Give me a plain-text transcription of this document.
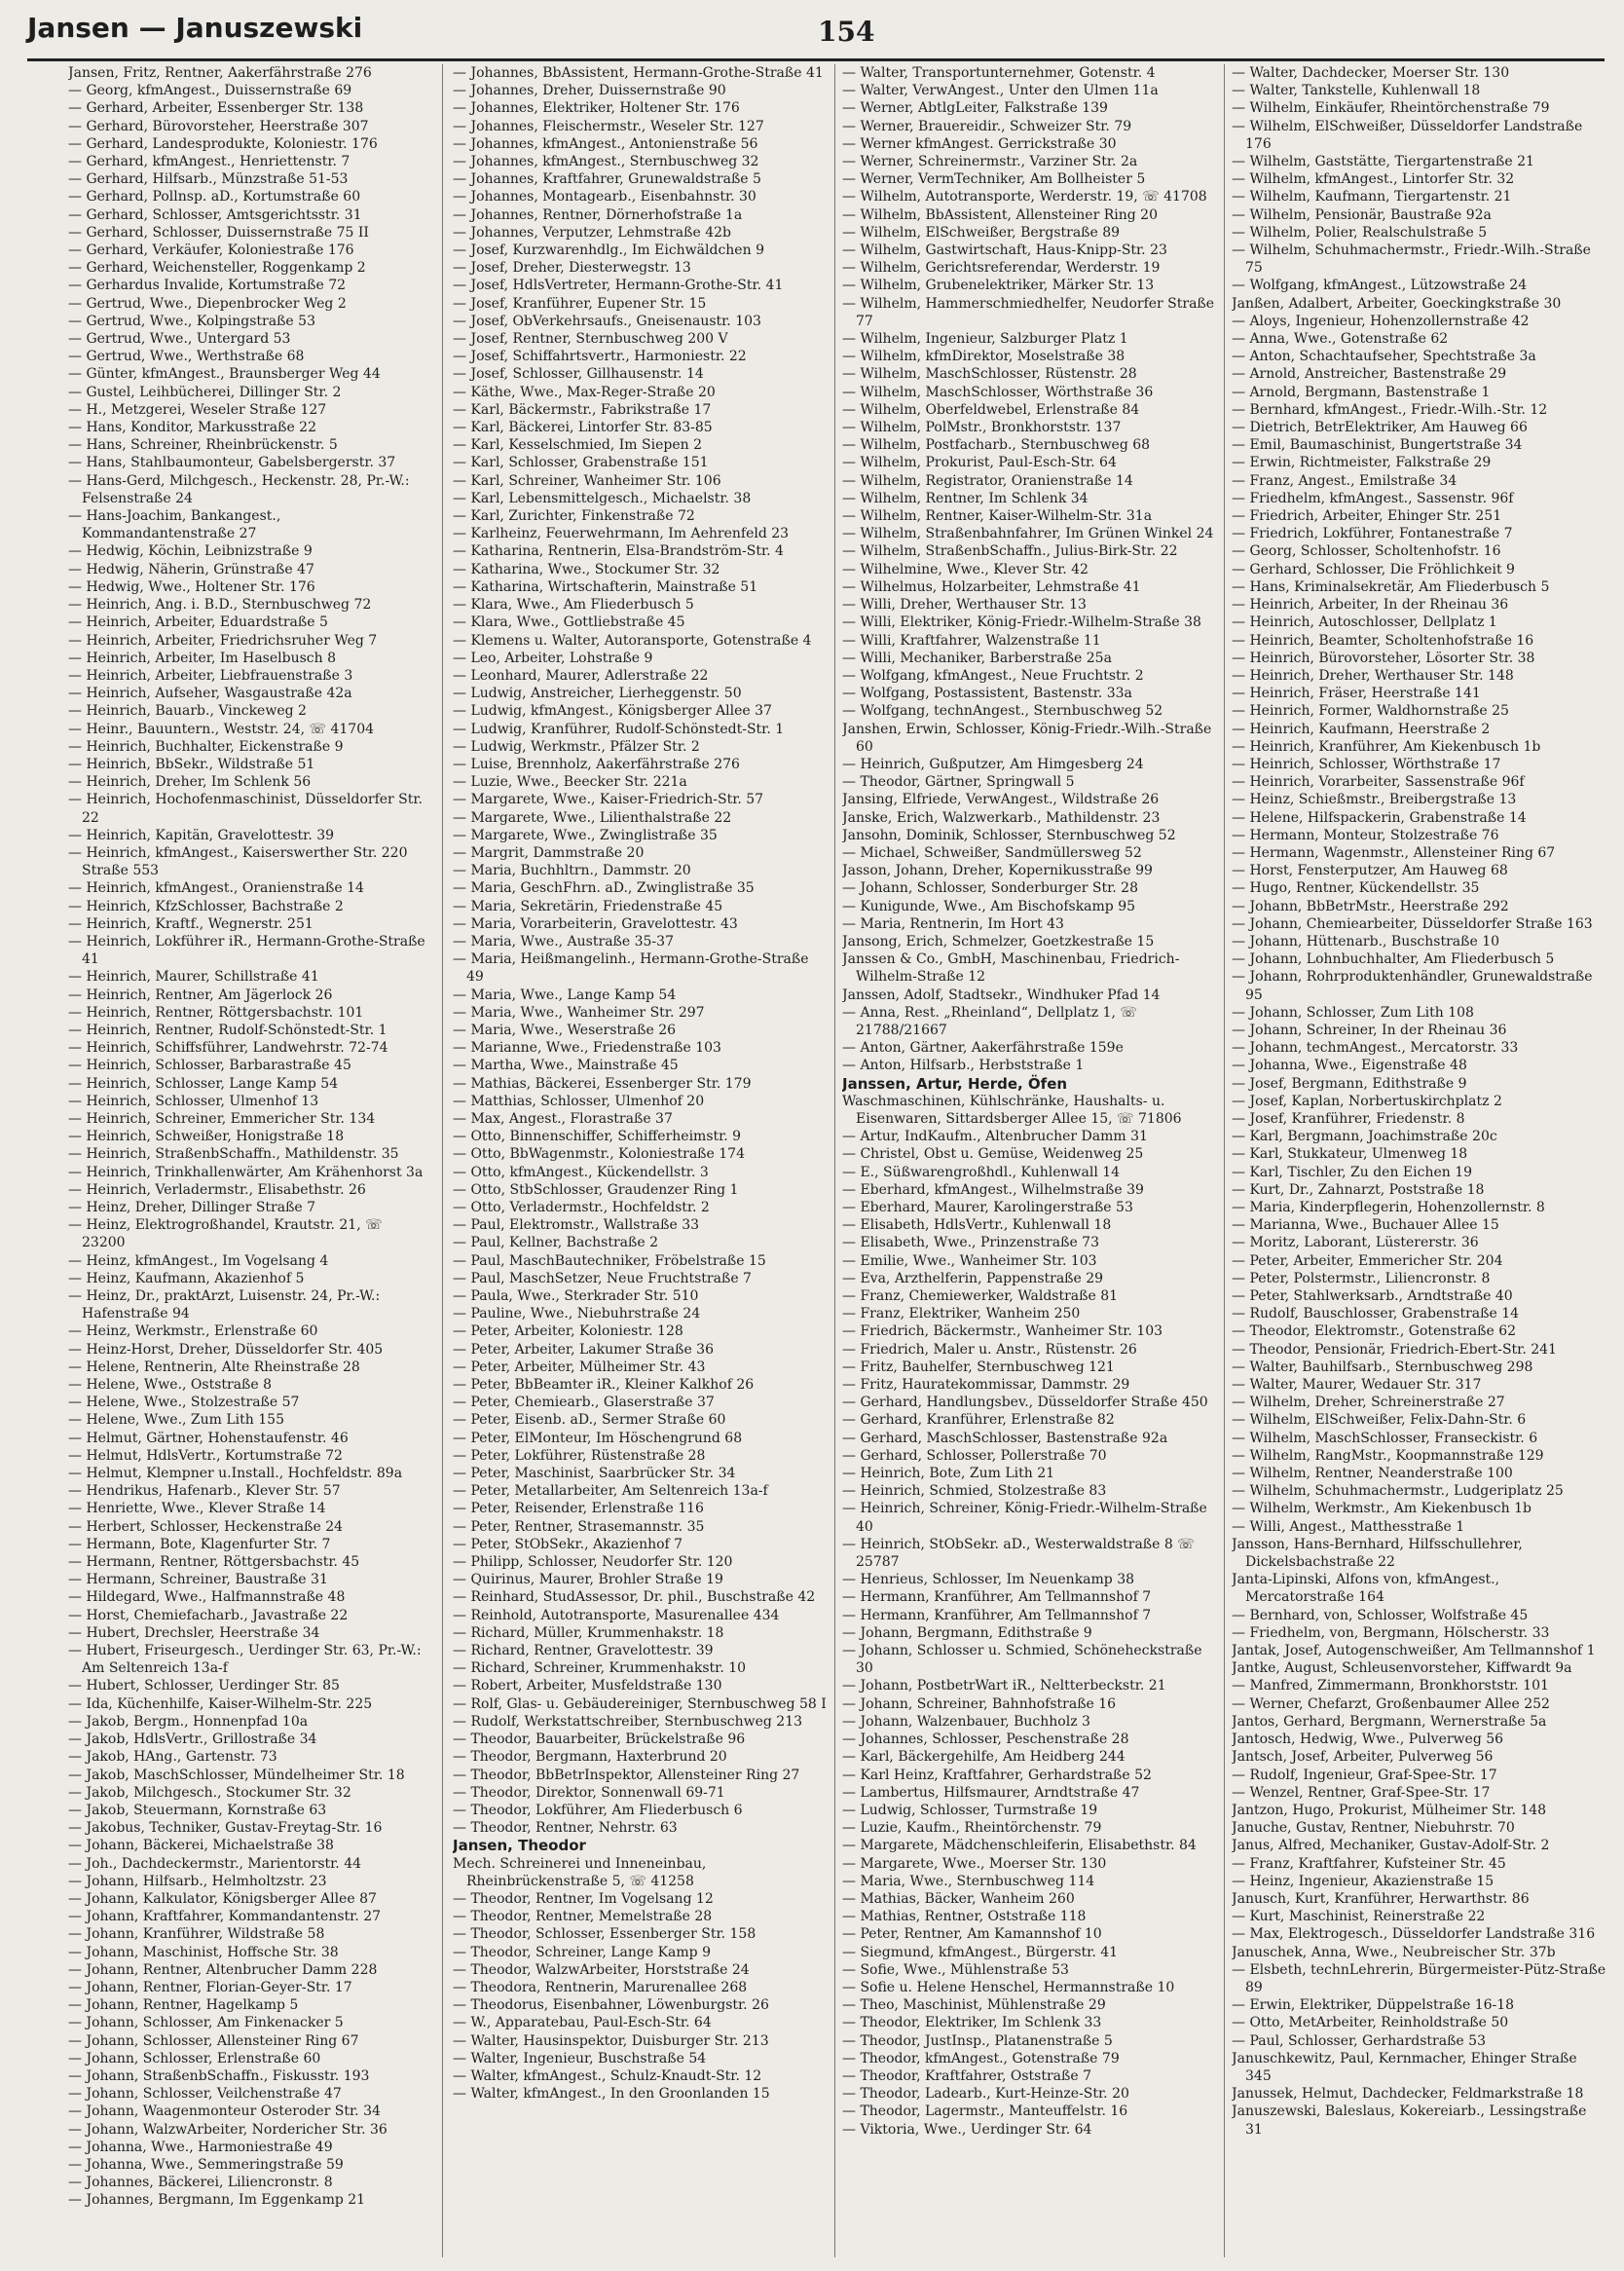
Jansen — Januszewski	154
Jansen, Fritz, Rentner, Aakerfährstraße 276
— Georg, kfmAngest., Duissernstraße 69
— Gerhard, Arbeiter, Essenberger Str. 138
— Gerhard, Bürovorsteher, Heerstraße 307
— Gerhard, Landesprodukte, Koloniestr. 176
— Gerhard, kfmAngest., Henriettenstr. 7
— Gerhard, Hilfsarb., Münzstraße 51-53
— Gerhard, Pollnsp. aD., Kortumstraße 60
— Gerhard, Schlosser, Amtsgerichtsstr. 31
— Gerhard, Schlosser, Duissernstraße 75 II
— Gerhard, Verkäufer, Koloniestraße 176
— Gerhard, Weichensteller, Roggenkamp 2
— Gerhardus Invalide, Kortumstraße 72
— Gertrud, Wwe., Diepenbrocker Weg 2
— Gertrud, Wwe., Kolpingstraße 53
— Gertrud, Wwe., Untergard 53
— Gertrud, Wwe., Werthstraße 68
— Günter, kfmAngest., Braunsberger Weg 44
— Gustel, Leihbücherei, Dillinger Str. 2
— H., Metzgerei, Weseler Straße 127
— Hans, Konditor, Markusstraße 22
— Hans, Schreiner, Rheinbrückenstr. 5
— Hans, Stahlbaumonteur, Gabelsbergerstr. 37
— Hans-Gerd, Milchgesch., Heckenstr. 28, Pr.-W.: Felsenstraße 24
— Hans-Joachim, Bankangest., Kommandantenstraße 27
— Hedwig, Köchin, Leibnizstraße 9
— Hedwig, Näherin, Grünstraße 47
— Hedwig, Wwe., Holtener Str. 176
— Heinrich, Ang. i. B.D., Sternbuschweg 72
— Heinrich, Arbeiter, Eduardstraße 5
— Heinrich, Arbeiter, Friedrichsruher Weg 7
— Heinrich, Arbeiter, Im Haselbusch 8
— Heinrich, Arbeiter, Liebfrauenstraße 3
— Heinrich, Aufseher, Wasgaustraße 42a
— Heinrich, Bauarb., Vinckeweg 2
— Heinr., Bauuntern., Weststr. 24, ☏ 41704
— Heinrich, Buchhalter, Eickenstraße 9
— Heinrich, BbSekr., Wildstraße 51
— Heinrich, Dreher, Im Schlenk 56
— Heinrich, Hochofenmaschinist, Düsseldorfer Str. 22
— Heinrich, Kapitän, Gravelottestr. 39
— Heinrich, kfmAngest., Kaiserswerther Str. 220 Straße 553
— Heinrich, kfmAngest., Oranienstraße 14
— Heinrich, KfzSchlosser, Bachstraße 2
— Heinrich, Kraftf., Wegnerstr. 251
— Heinrich, Lokführer iR., Hermann-Grothe-Straße 41
— Heinrich, Maurer, Schillstraße 41
— Heinrich, Rentner, Am Jägerlock 26
— Heinrich, Rentner, Röttgersbachstr. 101
— Heinrich, Rentner, Rudolf-Schönstedt-Str. 1
— Heinrich, Schiffsführer, Landwehrstr. 72-74
— Heinrich, Schlosser, Barbarastraße 45
— Heinrich, Schlosser, Lange Kamp 54
— Heinrich, Schlosser, Ulmenhof 13
— Heinrich, Schreiner, Emmericher Str. 134
— Heinrich, Schweißer, Honigstraße 18
— Heinrich, StraßenbSchaffn., Mathildenstr. 35
— Heinrich, Trinkhallenwärter, Am Krähenhorst 3a
— Heinrich, Verladermstr., Elisabethstr. 26
— Heinz, Dreher, Dillinger Straße 7
— Heinz, Elektrogroßhandel, Krautstr. 21, ☏ 23200
— Heinz, kfmAngest., Im Vogelsang 4
— Heinz, Kaufmann, Akazienhof 5
— Heinz, Dr., praktArzt, Luisenstr. 24, Pr.-W.: Hafenstraße 94
— Heinz, Werkmstr., Erlenstraße 60
— Heinz-Horst, Dreher, Düsseldorfer Str. 405
— Helene, Rentnerin, Alte Rheinstraße 28
— Helene, Wwe., Oststraße 8
— Helene, Wwe., Stolzestraße 57
— Helene, Wwe., Zum Lith 155
— Helmut, Gärtner, Hohenstaufenstr. 46
— Helmut, HdlsVertr., Kortumstraße 72
— Helmut, Klempner u.Install., Hochfeldstr. 89a
— Hendrikus, Hafenarb., Klever Str. 57
— Henriette, Wwe., Klever Straße 14
— Herbert, Schlosser, Heckenstraße 24
— Hermann, Bote, Klagenfurter Str. 7
— Hermann, Rentner, Röttgersbachstr. 45
— Hermann, Schreiner, Baustraße 31
— Hildegard, Wwe., Halfmannstraße 48
— Horst, Chemiefacharb., Javastraße 22
— Hubert, Drechsler, Heerstraße 34
— Hubert, Friseurgesch., Uerdinger Str. 63, Pr.-W.: Am Seltenreich 13a-f
— Hubert, Schlosser, Uerdinger Str. 85
— Ida, Küchenhilfe, Kaiser-Wilhelm-Str. 225
— Jakob, Bergm., Honnenpfad 10a
— Jakob, HdlsVertr., Grillostraße 34
— Jakob, HAng., Gartenstr. 73
— Jakob, MaschSchlosser, Mündelheimer Str. 18
— Jakob, Milchgesch., Stockumer Str. 32
— Jakob, Steuermann, Kornstraße 63
— Jakobus, Techniker, Gustav-Freytag-Str. 16
— Johann, Bäckerei, Michaelstraße 38
— Joh., Dachdeckermstr., Marientorstr. 44
— Johann, Hilfsarb., Helmholtzstr. 23
— Johann, Kalkulator, Königsberger Allee 87
— Johann, Kraftfahrer, Kommandantenstr. 27
— Johann, Kranführer, Wildstraße 58
— Johann, Maschinist, Hoffsche Str. 38
— Johann, Rentner, Altenbrucher Damm 228
— Johann, Rentner, Florian-Geyer-Str. 17
— Johann, Rentner, Hagelkamp 5
— Johann, Schlosser, Am Finkenacker 5
— Johann, Schlosser, Allensteiner Ring 67
— Johann, Schlosser, Erlenstraße 60
— Johann, StraßenbSchaffn., Fiskusstr. 193
— Johann, Schlosser, Veilchenstraße 47
— Johann, Waagenmonteur Osteroder Str. 34
— Johann, WalzwArbeiter, Nordericher Str. 36
— Johanna, Wwe., Harmoniestraße 49
— Johanna, Wwe., Semmeringstraße 59
— Johannes, Bäckerei, Liliencronstr. 8
— Johannes, Bergmann, Im Eggenkamp 21
— Johannes, BbAssistent, Hermann-Grothe-Straße 41
— Johannes, Dreher, Duissernstraße 90
— Johannes, Elektriker, Holtener Str. 176
— Johannes, Fleischermstr., Weseler Str. 127
— Johannes, kfmAngest., Antonienstraße 56
— Johannes, kfmAngest., Sternbuschweg 32
— Johannes, Kraftfahrer, Grunewaldstraße 5
— Johannes, Montagearb., Eisenbahnstr. 30
— Johannes, Rentner, Dörnerhofstraße 1a
— Johannes, Verputzer, Lehmstraße 42b
— Josef, Kurzwarenhdlg., Im Eichwäldchen 9
— Josef, Dreher, Diesterwegstr. 13
— Josef, HdlsVertreter, Hermann-Grothe-Str. 41
— Josef, Kranführer, Eupener Str. 15
— Josef, ObVerkehrsaufs., Gneisenaustr. 103
— Josef, Rentner, Sternbuschweg 200 V
— Josef, Schiffahrtsvertr., Harmoniestr. 22
— Josef, Schlosser, Gillhausenstr. 14
— Käthe, Wwe., Max-Reger-Straße 20
— Karl, Bäckermstr., Fabrikstraße 17
— Karl, Bäckerei, Lintorfer Str. 83-85
— Karl, Kesselschmied, Im Siepen 2
— Karl, Schlosser, Grabenstraße 151
— Karl, Schreiner, Wanheimer Str. 106
— Karl, Lebensmittelgesch., Michaelstr. 38
— Karl, Zurichter, Finkenstraße 72
— Karlheinz, Feuerwehrmann, Im Aehrenfeld 23
— Katharina, Rentnerin, Elsa-Brandström-Str. 4
— Katharina, Wwe., Stockumer Str. 32
— Katharina, Wirtschafterin, Mainstraße 51
— Klara, Wwe., Am Fliederbusch 5
— Klara, Wwe., Gottliebstraße 45
— Klemens u. Walter, Autoransporte, Gotenstraße 4
— Leo, Arbeiter, Lohstraße 9
— Leonhard, Maurer, Adlerstraße 22
— Ludwig, Anstreicher, Lierheggenstr. 50
— Ludwig, kfmAngest., Königsberger Allee 37
— Ludwig, Kranführer, Rudolf-Schönstedt-Str. 1
— Ludwig, Werkmstr., Pfälzer Str. 2
— Luise, Brennholz, Aakerfährstraße 276
— Luzie, Wwe., Beecker Str. 221a
— Margarete, Wwe., Kaiser-Friedrich-Str. 57
— Margarete, Wwe., Lilienthalstraße 22
— Margarete, Wwe., Zwinglistraße 35
— Margrit, Dammstraße 20
— Maria, Buchhltrn., Dammstr. 20
— Maria, GeschFhrn. aD., Zwinglistraße 35
— Maria, Sekretärin, Friedenstraße 45
— Maria, Vorarbeiterin, Gravelottestr. 43
— Maria, Wwe., Austraße 35-37
— Maria, Heißmangelinh., Hermann-Grothe-Straße 49
— Maria, Wwe., Lange Kamp 54
— Maria, Wwe., Wanheimer Str. 297
— Maria, Wwe., Weserstraße 26
— Marianne, Wwe., Friedenstraße 103
— Martha, Wwe., Mainstraße 45
— Mathias, Bäckerei, Essenberger Str. 179
— Matthias, Schlosser, Ulmenhof 20
— Max, Angest., Florastraße 37
— Otto, Binnenschiffer, Schifferheimstr. 9
— Otto, BbWagenmstr., Koloniestraße 174
— Otto, kfmAngest., Kückendellstr. 3
— Otto, StbSchlosser, Graudenzer Ring 1
— Otto, Verladermstr., Hochfeldstr. 2
— Paul, Elektromstr., Wallstraße 33
— Paul, Kellner, Bachstraße 2
— Paul, MaschBautechniker, Fröbelstraße 15
— Paul, MaschSetzer, Neue Fruchtstraße 7
— Paula, Wwe., Sterkrader Str. 510
— Pauline, Wwe., Niebuhrstraße 24
— Peter, Arbeiter, Koloniestr. 128
— Peter, Arbeiter, Lakumer Straße 36
— Peter, Arbeiter, Mülheimer Str. 43
— Peter, BbBeamter iR., Kleiner Kalkhof 26
— Peter, Chemiearb., Glaserstraße 37
— Peter, Eisenb. aD., Sermer Straße 60
— Peter, ElMonteur, Im Höschengrund 68
— Peter, Lokführer, Rüstenstraße 28
— Peter, Maschinist, Saarbrücker Str. 34
— Peter, Metallarbeiter, Am Seltenreich 13a-f
— Peter, Reisender, Erlenstraße 116
— Peter, Rentner, Strasemannstr. 35
— Peter, StObSekr., Akazienhof 7
— Philipp, Schlosser, Neudorfer Str. 120
— Quirinus, Maurer, Brohler Straße 19
— Reinhard, StudAssessor, Dr. phil., Buschstraße 42
— Reinhold, Autotransporte, Masurenallee 434
— Richard, Müller, Krummenhakstr. 18
— Richard, Rentner, Gravelottestr. 39
— Richard, Schreiner, Krummenhakstr. 10
— Robert, Arbeiter, Musfeldstraße 130
— Rolf, Glas- u. Gebäudereiniger, Sternbuschweg 58 I
— Rudolf, Werkstattschreiber, Sternbuschweg 213
— Theodor, Bauarbeiter, Brückelstraße 96
— Theodor, Bergmann, Haxterbrund 20
— Theodor, BbBetrInspektor, Allensteiner Ring 27
— Theodor, Direktor, Sonnenwall 69-71
— Theodor, Lokführer, Am Fliederbusch 6
— Theodor, Rentner, Nehrstr. 63
Jansen, Theodor
Mech. Schreinerei und Inneneinbau, Rheinbrückenstraße 5, ☏ 41258
— Theodor, Rentner, Im Vogelsang 12
— Theodor, Rentner, Memelstraße 28
— Theodor, Schlosser, Essenberger Str. 158
— Theodor, Schreiner, Lange Kamp 9
— Theodor, WalzwArbeiter, Horststraße 24
— Theodora, Rentnerin, Marurenallee 268
— Theodorus, Eisenbahner, Löwenburgstr. 26
— W., Apparatebau, Paul-Esch-Str. 64
— Walter, Hausinspektor, Duisburger Str. 213
— Walter, Ingenieur, Buschstraße 54
— Walter, kfmAngest., Schulz-Knaudt-Str. 12
— Walter, kfmAngest., In den Groonlanden 15
— Walter, Transportunternehmer, Gotenstr. 4
— Walter, VerwAngest., Unter den Ulmen 11a
— Werner, AbtlgLeiter, Falkstraße 139
— Werner, Brauereidir., Schweizer Str. 79
— Werner kfmAngest. Gerrickstraße 30
— Werner, Schreinermstr., Varziner Str. 2a
— Werner, VermTechniker, Am Bollheister 5
— Wilhelm, Autotransporte, Werderstr. 19, ☏ 41708
— Wilhelm, BbAssistent, Allensteiner Ring 20
— Wilhelm, ElSchweißer, Bergstraße 89
— Wilhelm, Gastwirtschaft, Haus-Knipp-Str. 23
— Wilhelm, Gerichtsreferendar, Werderstr. 19
— Wilhelm, Grubenelektriker, Märker Str. 13
— Wilhelm, Hammerschmiedhelfer, Neudorfer Straße 77
— Wilhelm, Ingenieur, Salzburger Platz 1
— Wilhelm, kfmDirektor, Moselstraße 38
— Wilhelm, MaschSchlosser, Rüstenstr. 28
— Wilhelm, MaschSchlosser, Wörthstraße 36
— Wilhelm, Oberfeldwebel, Erlenstraße 84
— Wilhelm, PolMstr., Bronkhorststr. 137
— Wilhelm, Postfacharb., Sternbuschweg 68
— Wilhelm, Prokurist, Paul-Esch-Str. 64
— Wilhelm, Registrator, Oranienstraße 14
— Wilhelm, Rentner, Im Schlenk 34
— Wilhelm, Rentner, Kaiser-Wilhelm-Str. 31a
— Wilhelm, Straßenbahnfahrer, Im Grünen Winkel 24
— Wilhelm, StraßenbSchaffn., Julius-Birk-Str. 22
— Wilhelmine, Wwe., Klever Str. 42
— Wilhelmus, Holzarbeiter, Lehmstraße 41
— Willi, Dreher, Werthauser Str. 13
— Willi, Elektriker, König-Friedr.-Wilhelm-Straße 38
— Willi, Kraftfahrer, Walzenstraße 11
— Willi, Mechaniker, Barberstraße 25a
— Wolfgang, kfmAngest., Neue Fruchtstr. 2
— Wolfgang, Postassistent, Bastenstr. 33a
— Wolfgang, technAngest., Sternbuschweg 52
Janshen, Erwin, Schlosser, König-Friedr.-Wilh.-Straße 60
— Heinrich, Gußputzer, Am Himgesberg 24
— Theodor, Gärtner, Springwall 5
Jansing, Elfriede, VerwAngest., Wildstraße 26
Janske, Erich, Walzwerkarb., Mathildenstr. 23
Jansohn, Dominik, Schlosser, Sternbuschweg 52
— Michael, Schweißer, Sandmüllersweg 52
Jasson, Johann, Dreher, Kopernikusstraße 99
— Johann, Schlosser, Sonderburger Str. 28
— Kunigunde, Wwe., Am Bischofskamp 95
— Maria, Rentnerin, Im Hort 43
Jansong, Erich, Schmelzer, Goetzkestraße 15
Janssen & Co., GmbH, Maschinenbau, Friedrich-Wilhelm-Straße 12
Janssen, Adolf, Stadtsekr., Windhuker Pfad 14
— Anna, Rest. „Rheinland“, Dellplatz 1, ☏ 21788/21667
— Anton, Gärtner, Aakerfährstraße 159e
— Anton, Hilfsarb., Herbststraße 1
Janssen, Artur, Herde, Öfen
Waschmaschinen, Kühlschränke, Haushalts- u. Eisenwaren, Sittardsberger Allee 15, ☏ 71806
— Artur, IndKaufm., Altenbrucher Damm 31
— Christel, Obst u. Gemüse, Weidenweg 25
— E., Süßwarengroßhdl., Kuhlenwall 14
— Eberhard, kfmAngest., Wilhelmstraße 39
— Eberhard, Maurer, Karolingerstraße 53
— Elisabeth, HdlsVertr., Kuhlenwall 18
— Elisabeth, Wwe., Prinzenstraße 73
— Emilie, Wwe., Wanheimer Str. 103
— Eva, Arzthelferin, Pappenstraße 29
— Franz, Chemiewerker, Waldstraße 81
— Franz, Elektriker, Wanheim 250
— Friedrich, Bäckermstr., Wanheimer Str. 103
— Friedrich, Maler u. Anstr., Rüstenstr. 26
— Fritz, Bauhelfer, Sternbuschweg 121
— Fritz, Hauratekommissar, Dammstr. 29
— Gerhard, Handlungsbev., Düsseldorfer Straße 450
— Gerhard, Kranführer, Erlenstraße 82
— Gerhard, MaschSchlosser, Bastenstraße 92a
— Gerhard, Schlosser, Pollerstraße 70
— Heinrich, Bote, Zum Lith 21
— Heinrich, Schmied, Stolzestraße 83
— Heinrich, Schreiner, König-Friedr.-Wilhelm-Straße 40
— Heinrich, StObSekr. aD., Westerwaldstraße 8 ☏ 25787
— Henrieus, Schlosser, Im Neuenkamp 38
— Hermann, Kranführer, Am Tellmannshof 7
— Hermann, Kranführer, Am Tellmannshof 7
— Johann, Bergmann, Edithstraße 9
— Johann, Schlosser u. Schmied, Schöneheckstraße 30
— Johann, PostbetrWart iR., Neltterbeckstr. 21
— Johann, Schreiner, Bahnhofstraße 16
— Johann, Walzenbauer, Buchholz 3
— Johannes, Schlosser, Peschenstraße 28
— Karl, Bäckergehilfe, Am Heidberg 244
— Karl Heinz, Kraftfahrer, Gerhardstraße 52
— Lambertus, Hilfsmaurer, Arndtstraße 47
— Ludwig, Schlosser, Turmstraße 19
— Luzie, Kaufm., Rheintörchenstr. 79
— Margarete, Mädchenschleiferin, Elisabethstr. 84
— Margarete, Wwe., Moerser Str. 130
— Maria, Wwe., Sternbuschweg 114
— Mathias, Bäcker, Wanheim 260
— Mathias, Rentner, Oststraße 118
— Peter, Rentner, Am Kamannshof 10
— Siegmund, kfmAngest., Bürgerstr. 41
— Sofie, Wwe., Mühlenstraße 53
— Sofie u. Helene Henschel, Hermannstraße 10
— Theo, Maschinist, Mühlenstraße 29
— Theodor, Elektriker, Im Schlenk 33
— Theodor, JustInsp., Platanenstraße 5
— Theodor, kfmAngest., Gotenstraße 79
— Theodor, Kraftfahrer, Oststraße 7
— Theodor, Ladearb., Kurt-Heinze-Str. 20
— Theodor, Lagermstr., Manteuffelstr. 16
— Viktoria, Wwe., Uerdinger Str. 64
— Walter, Dachdecker, Moerser Str. 130
— Walter, Tankstelle, Kuhlenwall 18
— Wilhelm, Einkäufer, Rheintörchenstraße 79
— Wilhelm, ElSchweißer, Düsseldorfer Landstraße 176
— Wilhelm, Gaststätte, Tiergartenstraße 21
— Wilhelm, kfmAngest., Lintorfer Str. 32
— Wilhelm, Kaufmann, Tiergartenstr. 21
— Wilhelm, Pensionär, Baustraße 92a
— Wilhelm, Polier, Realschulstraße 5
— Wilhelm, Schuhmachermstr., Friedr.-Wilh.-Straße 75
— Wolfgang, kfmAngest., Lützowstraße 24
Janßen, Adalbert, Arbeiter, Goeckingkstraße 30
— Aloys, Ingenieur, Hohenzollernstraße 42
— Anna, Wwe., Gotenstraße 62
— Anton, Schachtaufseher, Spechtstraße 3a
— Arnold, Anstreicher, Bastenstraße 29
— Arnold, Bergmann, Bastenstraße 1
— Bernhard, kfmAngest., Friedr.-Wilh.-Str. 12
— Dietrich, BetrElektriker, Am Hauweg 66
— Emil, Baumaschinist, Bungertstraße 34
— Erwin, Richtmeister, Falkstraße 29
— Franz, Angest., Emilstraße 34
— Friedhelm, kfmAngest., Sassenstr. 96f
— Friedrich, Arbeiter, Ehinger Str. 251
— Friedrich, Lokführer, Fontanestraße 7
— Georg, Schlosser, Scholtenhofstr. 16
— Gerhard, Schlosser, Die Fröhlichkeit 9
— Hans, Kriminalsekretär, Am Fliederbusch 5
— Heinrich, Arbeiter, In der Rheinau 36
— Heinrich, Autoschlosser, Dellplatz 1
— Heinrich, Beamter, Scholtenhofstraße 16
— Heinrich, Bürovorsteher, Lösorter Str. 38
— Heinrich, Dreher, Werthauser Str. 148
— Heinrich, Fräser, Heerstraße 141
— Heinrich, Former, Waldhornstraße 25
— Heinrich, Kaufmann, Heerstraße 2
— Heinrich, Kranführer, Am Kiekenbusch 1b
— Heinrich, Schlosser, Wörthstraße 17
— Heinrich, Vorarbeiter, Sassenstraße 96f
— Heinz, Schießmstr., Breibergstraße 13
— Helene, Hilfspackerin, Grabenstraße 14
— Hermann, Monteur, Stolzestraße 76
— Hermann, Wagenmstr., Allensteiner Ring 67
— Horst, Fensterputzer, Am Hauweg 68
— Hugo, Rentner, Kückendellstr. 35
— Johann, BbBetrMstr., Heerstraße 292
— Johann, Chemiearbeiter, Düsseldorfer Straße 163
— Johann, Hüttenarb., Buschstraße 10
— Johann, Lohnbuchhalter, Am Fliederbusch 5
— Johann, Rohrproduktenhändler, Grunewaldstraße 95
— Johann, Schlosser, Zum Lith 108
— Johann, Schreiner, In der Rheinau 36
— Johann, techmAngest., Mercatorstr. 33
— Johanna, Wwe., Eigenstraße 48
— Josef, Bergmann, Edithstraße 9
— Josef, Kaplan, Norbertuskirchplatz 2
— Josef, Kranführer, Friedenstr. 8
— Karl, Bergmann, Joachimstraße 20c
— Karl, Stukkateur, Ulmenweg 18
— Karl, Tischler, Zu den Eichen 19
— Kurt, Dr., Zahnarzt, Poststraße 18
— Maria, Kinderpflegerin, Hohenzollernstr. 8
— Marianna, Wwe., Buchauer Allee 15
— Moritz, Laborant, Lüstererstr. 36
— Peter, Arbeiter, Emmericher Str. 204
— Peter, Polstermstr., Liliencronstr. 8
— Peter, Stahlwerksarb., Arndtstraße 40
— Rudolf, Bauschlosser, Grabenstraße 14
— Theodor, Elektromstr., Gotenstraße 62
— Theodor, Pensionär, Friedrich-Ebert-Str. 241
— Walter, Bauhilfsarb., Sternbuschweg 298
— Walter, Maurer, Wedauer Str. 317
— Wilhelm, Dreher, Schreinerstraße 27
— Wilhelm, ElSchweißer, Felix-Dahn-Str. 6
— Wilhelm, MaschSchlosser, Franseckistr. 6
— Wilhelm, RangMstr., Koopmannstraße 129
— Wilhelm, Rentner, Neanderstraße 100
— Wilhelm, Schuhmachermstr., Ludgeriplatz 25
— Wilhelm, Werkmstr., Am Kiekenbusch 1b
— Willi, Angest., Matthesstraße 1
Jansson, Hans-Bernhard, Hilfsschullehrer, Dickelsbachstraße 22
Janta-Lipinski, Alfons von, kfmAngest., Mercatorstraße 164
— Bernhard, von, Schlosser, Wolfstraße 45
— Friedhelm, von, Bergmann, Hölscherstr. 33
Jantak, Josef, Autogenschweißer, Am Tellmannshof 1
Jantke, August, Schleusenvorsteher, Kiffwardt 9a
— Manfred, Zimmermann, Bronkhorststr. 101
— Werner, Chefarzt, Großenbaumer Allee 252
Jantos, Gerhard, Bergmann, Wernerstraße 5a
Jantosch, Hedwig, Wwe., Pulverweg 56
Jantsch, Josef, Arbeiter, Pulverweg 56
— Rudolf, Ingenieur, Graf-Spee-Str. 17
— Wenzel, Rentner, Graf-Spee-Str. 17
Jantzon, Hugo, Prokurist, Mülheimer Str. 148
Januche, Gustav, Rentner, Niebuhrstr. 70
Janus, Alfred, Mechaniker, Gustav-Adolf-Str. 2
— Franz, Kraftfahrer, Kufsteiner Str. 45
— Heinz, Ingenieur, Akazienstraße 15
Janusch, Kurt, Kranführer, Herwarthstr. 86
— Kurt, Maschinist, Reinerstraße 22
— Max, Elektrogesch., Düsseldorfer Landstraße 316
Januschek, Anna, Wwe., Neubreischer Str. 37b
— Elsbeth, technLehrerin, Bürgermeister-Pütz-Straße 89
— Erwin, Elektriker, Düppelstraße 16-18
— Otto, MetArbeiter, Reinholdstraße 50
— Paul, Schlosser, Gerhardstraße 53
Januschkewitz, Paul, Kernmacher, Ehinger Straße 345
Janussek, Helmut, Dachdecker, Feldmarkstraße 18
Januszewski, Baleslaus, Kokereiarb., Lessingstraße 31
